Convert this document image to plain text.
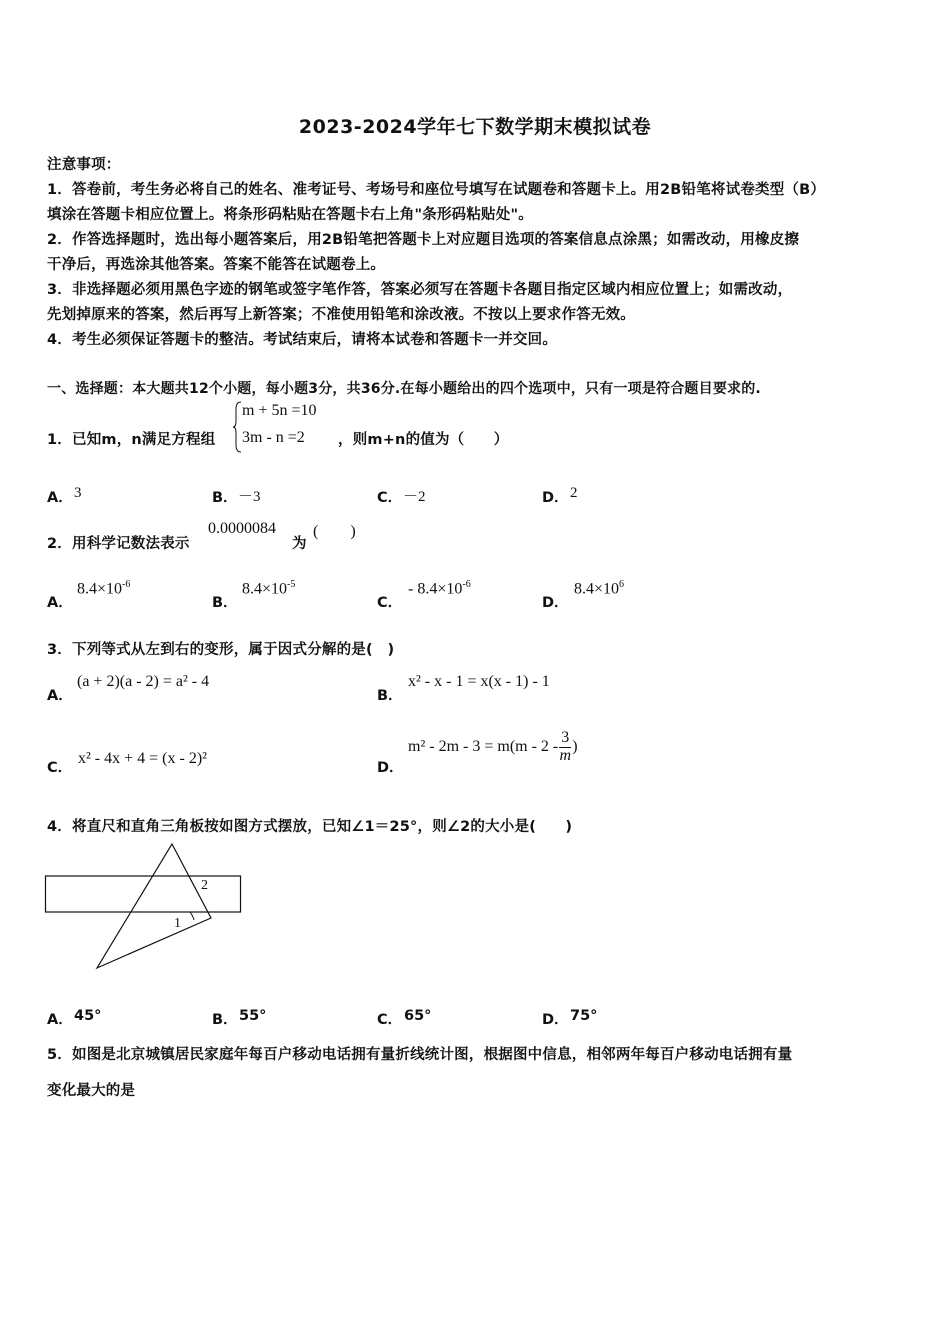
2023-2024学年七下数学期末模拟试卷
注意事项：
1．答卷前，考生务必将自己的姓名、准考证号、考场号和座位号填写在试题卷和答题卡上。用2B铅笔将试卷类型（B）
填涂在答题卡相应位置上。将条形码粘贴在答题卡右上角"条形码粘贴处"。
2．作答选择题时，选出每小题答案后，用2B铅笔把答题卡上对应题目选项的答案信息点涂黑；如需改动，用橡皮擦
干净后，再选涂其他答案。答案不能答在试题卷上。
3．非选择题必须用黑色字迹的钢笔或签字笔作答，答案必须写在答题卡各题目指定区域内相应位置上；如需改动，
先划掉原来的答案，然后再写上新答案；不准使用铅笔和涂改液。不按以上要求作答无效。
4．考生必须保证答题卡的整洁。考试结束后，请将本试卷和答题卡一并交回。
一、选择题：本大题共12个小题，每小题3分，共36分.在每小题给出的四个选项中，只有一项是符合题目要求的.
1．已知m，n满足方程组
m + 5n =10
3m - n =2 ，则m+n的值为（　　）
A． 3	B． －3	C． －2	D． 2
2．用科学记数法表示
0.0000084
为
(　　)
A．
$8.4\times 10^{-6}$
B．
$8.4\times 10^{-5}$
C．
- $8.4\times 10^{-6}$
D．
$8.4\times 10^6$
3．下列等式从左到右的变形，属于因式分解的是(　)
A．
(a + 2)(a - 2) = a² - 4
B．
x² - x - 1 = x(x - 1) - 1
C．
x² - 4x + 4 = (x - 2)²
D．
$m^2 - 2m - 3 = m(m - 2 - \frac{3}{m}$ )
4．将直尺和直角三角板按如图方式摆放，已知∠1＝25°，则∠2的大小是(　　)
1
2
A． 45°	B． 55°	C． 65°	D． 75°
5．如图是北京城镇居民家庭年每百户移动电话拥有量折线统计图，根据图中信息，相邻两年每百户移动电话拥有量
变化最大的是
